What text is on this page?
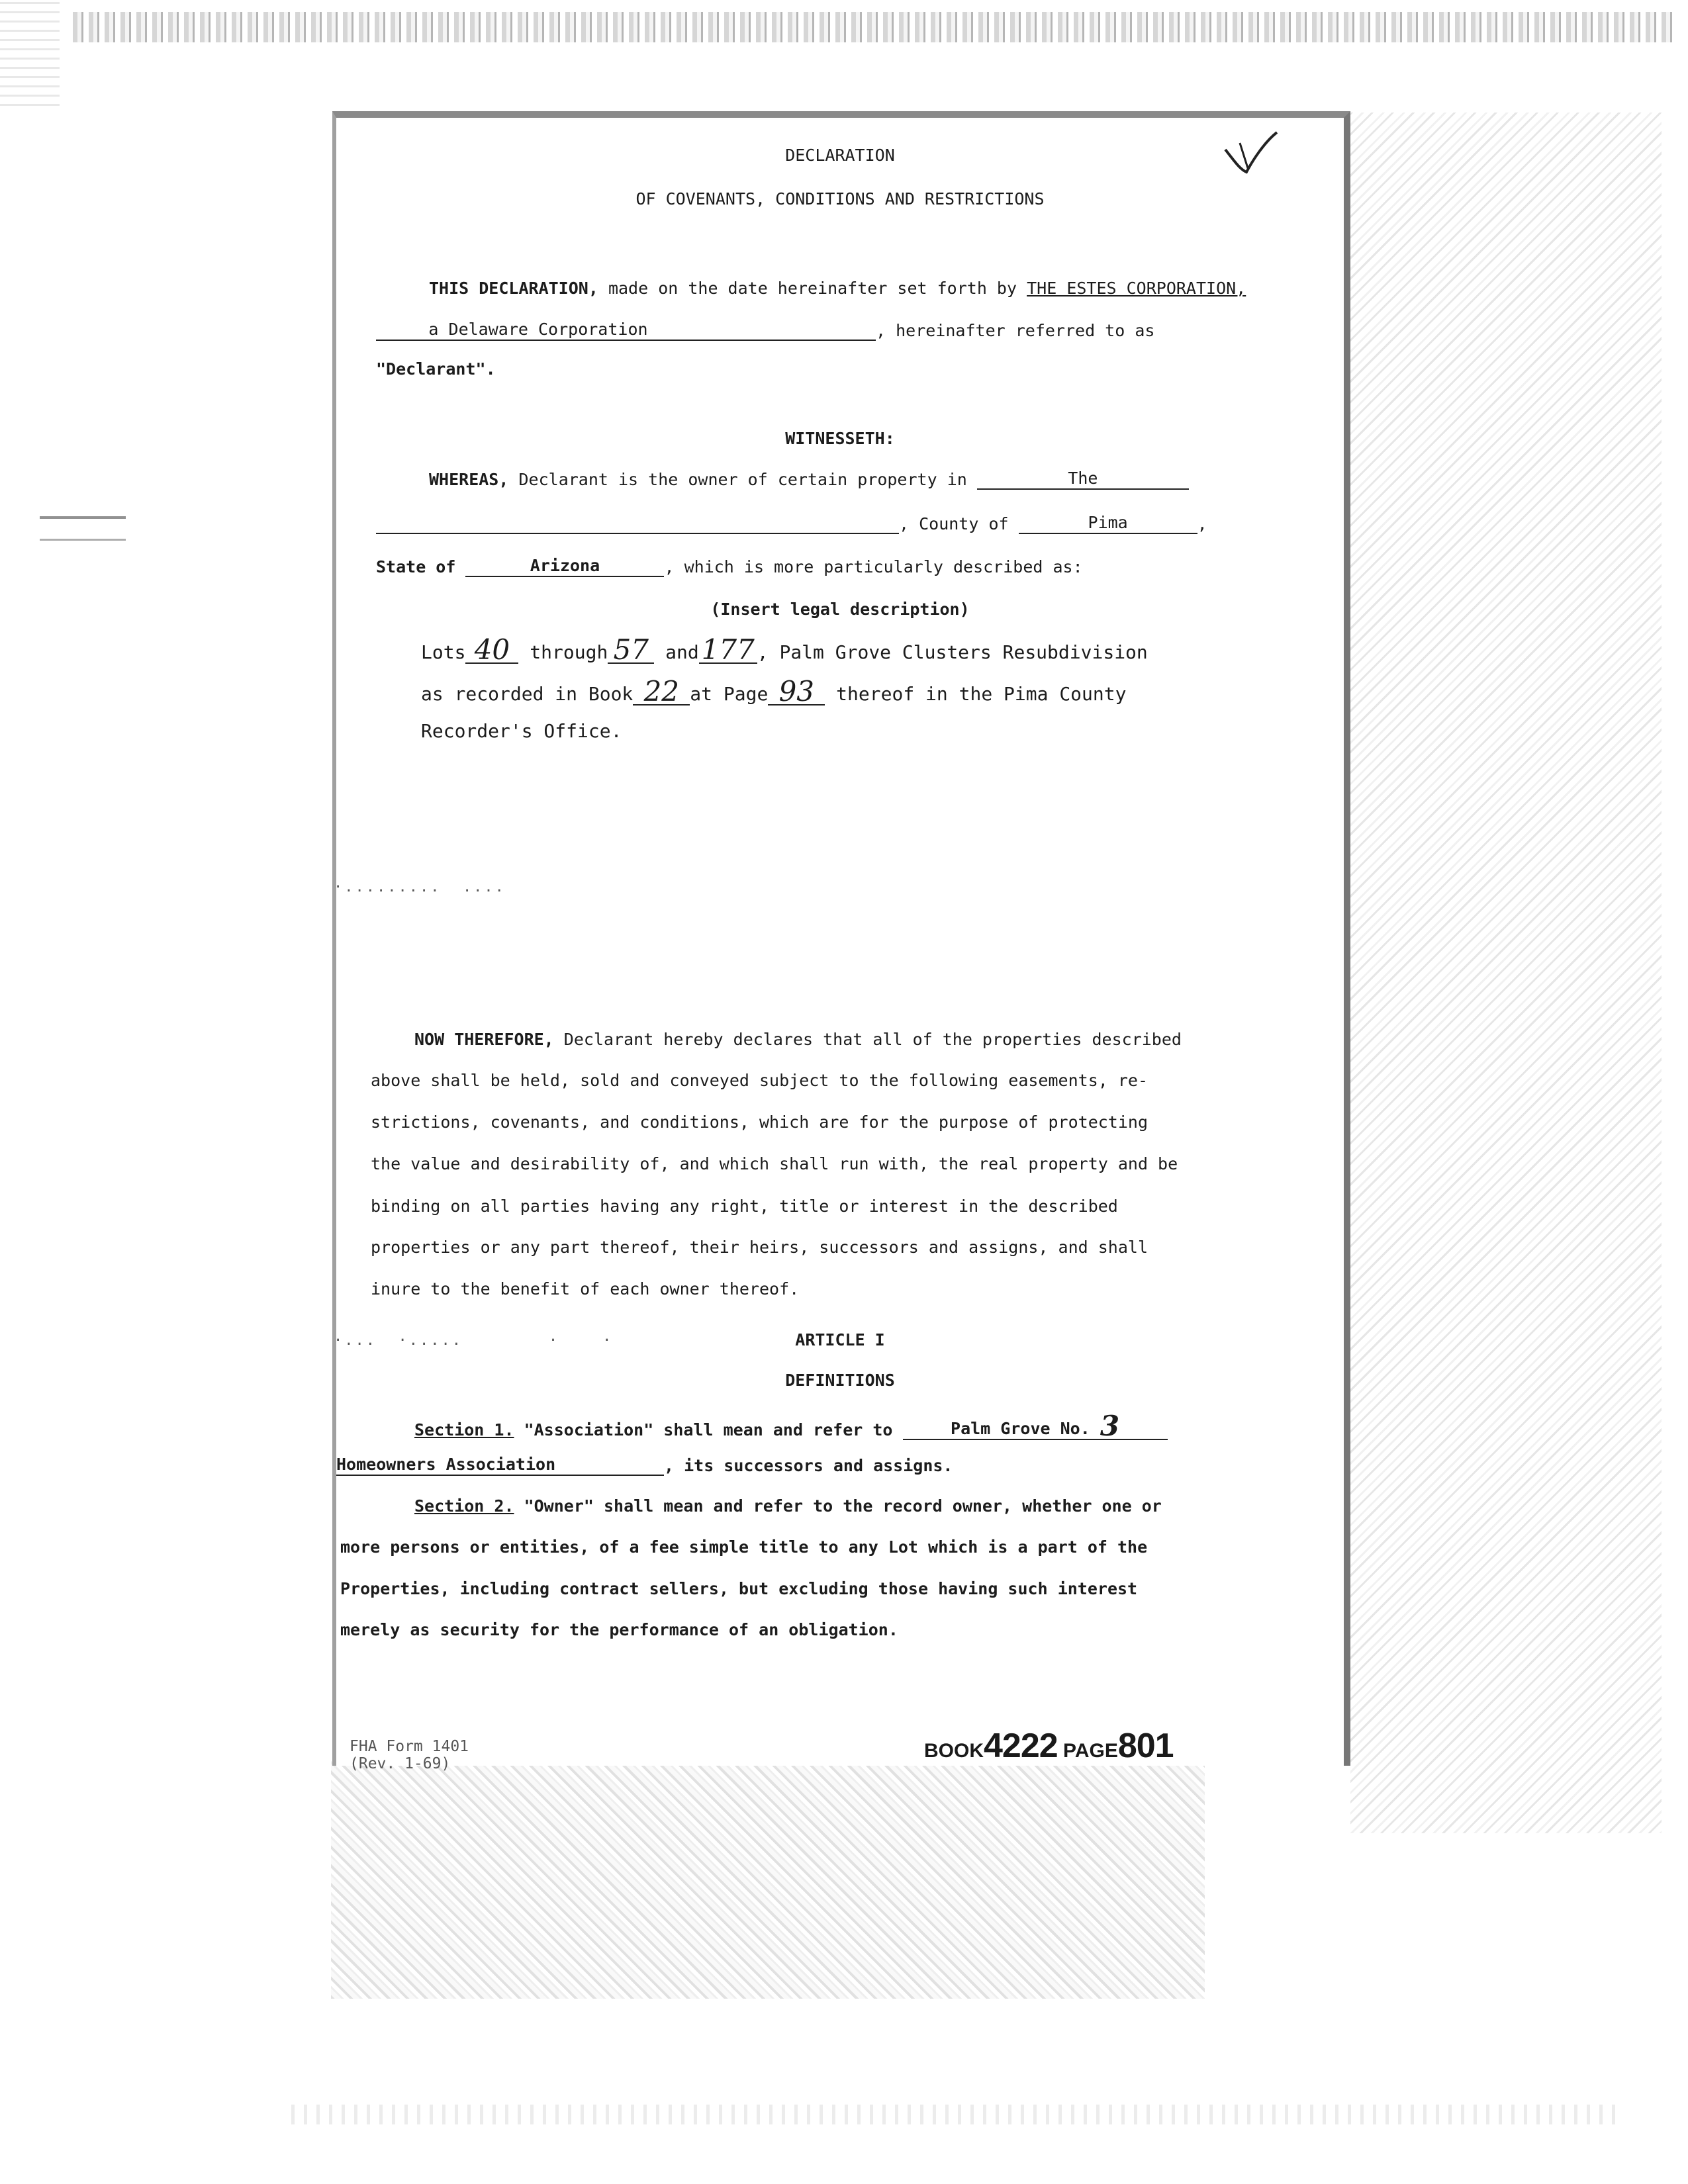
DECLARATION
OF COVENANTS, CONDITIONS AND RESTRICTIONS
THIS DECLARATION, made on the date hereinafter set forth by THE ESTES CORPORATION,
a Delaware Corporation	, hereinafter referred to as
"Declarant".
WITNESSETH:
WHEREAS, Declarant is the owner of certain property in	The
, County of	Pima	,
State of	Arizona	, which is more particularly described as:
(Insert legal description)
Lots 40 through 57 and177 , Palm Grove Clusters Resubdivision
as recorded in Book 22 at Page 93 thereof in the Pima County
Recorder's Office.
·.........  ....
NOW THEREFORE, Declarant hereby declares that all of the properties described
above shall be held, sold and conveyed subject to the following easements, re-
strictions, covenants, and conditions, which are for the purpose of protecting
the value and desirability of, and which shall run with, the real property and be
binding on all parties having any right, title or interest in the described
properties or any part thereof, their heirs, successors and assigns, and shall
inure to the benefit of each owner thereof.
·...  ·.....        ·    ·	ARTICLE I
DEFINITIONS
Section 1. "Association" shall mean and refer to	Palm Grove No. 3
Homeowners Association	, its successors and assigns.
Section 2. "Owner" shall mean and refer to the record owner, whether one or
more persons or entities, of a fee simple title to any Lot which is a part of the
Properties, including contract sellers, but excluding those having such interest
merely as security for the performance of an obligation.
FHA Form 1401
(Rev. 1-69)
BOOK4222 PAGE801
